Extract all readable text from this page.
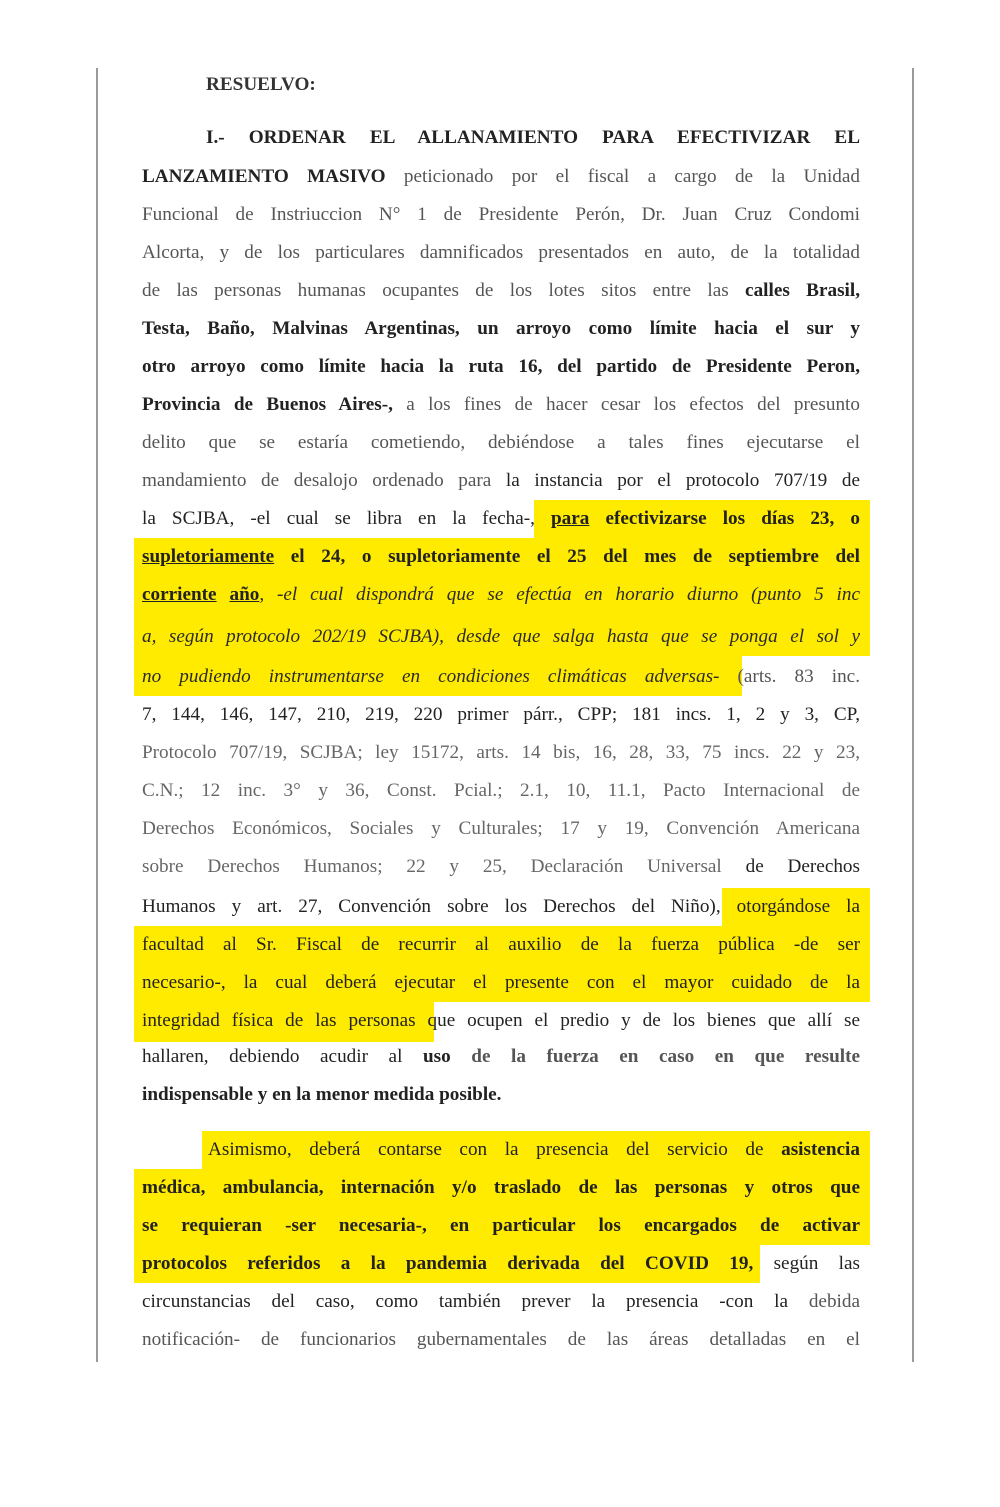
RESUELVO:
I.- ORDENAR EL ALLANAMIENTO PARA EFECTIVIZAR EL
LANZAMIENTO MASIVO peticionado por el fiscal a cargo de la Unidad
Funcional de Instriuccion N° 1 de Presidente Perón, Dr. Juan Cruz Condomi
Alcorta, y de los particulares damnificados presentados en auto, de la totalidad
de las personas humanas ocupantes de los lotes sitos entre las calles Brasil,
Testa, Baño, Malvinas Argentinas, un arroyo como límite hacia el sur y
otro arroyo como límite hacia la ruta 16, del partido de Presidente Peron,
Provincia de Buenos Aires-, a los fines de hacer cesar los efectos del presunto
delito que se estaría cometiendo, debiéndose a tales fines ejecutarse el
mandamiento de desalojo ordenado para la instancia por el protocolo 707/19 de
la SCJBA, -el cual se libra en la fecha-, para efectivizarse los días 23, o
supletoriamente el 24, o supletoriamente el 25 del mes de septiembre del
corriente año, -el cual dispondrá que se efectúa en horario diurno (punto 5 inc
a, según protocolo 202/19 SCJBA), desde que salga hasta que se ponga el sol y
no pudiendo instrumentarse en condiciones climáticas adversas- (arts. 83 inc.
7, 144, 146, 147, 210, 219, 220 primer párr., CPP; 181 incs. 1, 2 y 3, CP,
Protocolo 707/19, SCJBA; ley 15172, arts. 14 bis, 16, 28, 33, 75 incs. 22 y 23,
C.N.; 12 inc. 3° y 36, Const. Pcial.; 2.1, 10, 11.1, Pacto Internacional de
Derechos Económicos, Sociales y Culturales; 17 y 19, Convención Americana
sobre Derechos Humanos; 22 y 25, Declaración Universal de Derechos
Humanos y art. 27, Convención sobre los Derechos del Niño), otorgándose la
facultad al Sr. Fiscal de recurrir al auxilio de la fuerza pública -de ser
necesario-, la cual deberá ejecutar el presente con el mayor cuidado de la
integridad física de las personas que ocupen el predio y de los bienes que allí se
hallaren, debiendo acudir al uso de la fuerza en caso en que resulte
indispensable y en la menor medida posible.
Asimismo, deberá contarse con la presencia del servicio de asistencia
médica, ambulancia, internación y/o traslado de las personas y otros que
se requieran -ser necesaria-, en particular los encargados de activar
protocolos referidos a la pandemia derivada del COVID 19, según las
circunstancias del caso, como también prever la presencia -con la debida
notificación- de funcionarios gubernamentales de las áreas detalladas en el
